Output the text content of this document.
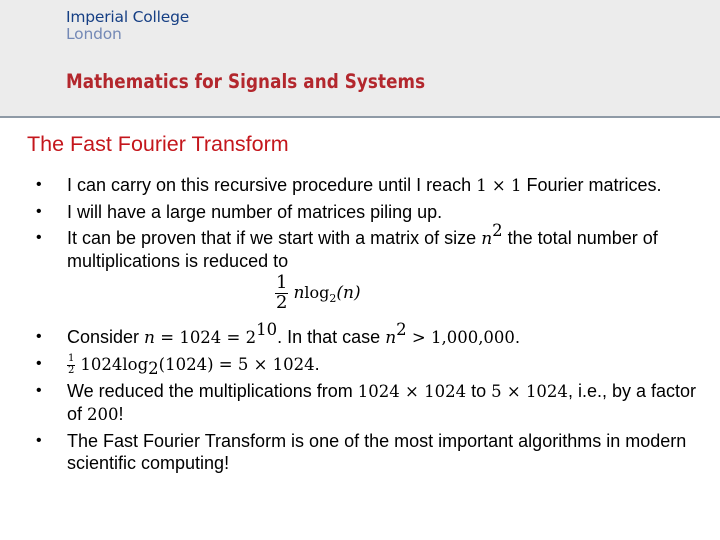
Imperial College
London
Mathematics for Signals and Systems
The Fast Fourier Transform
• I can carry on this recursive procedure until I reach 1 × 1 Fourier matrices.
• I will have a large number of matrices piling up.
• It can be proven that if we start with a matrix of size $n^2$ the total number of multiplications is reduced to
$\frac{1}{2} nlog_2(n)$
• Consider $n = 1024 = 2^{10}$. In that case $n^2 > 1,000,000$.
• $\frac{1}{2} 1024\log_2(1024) = 5 \times 1024$.
• We reduced the multiplications from 1024 × 1024 to 5 × 1024, i.e., by a factor of 200!
• The Fast Fourier Transform is one of the most important algorithms in modern scientific computing!
